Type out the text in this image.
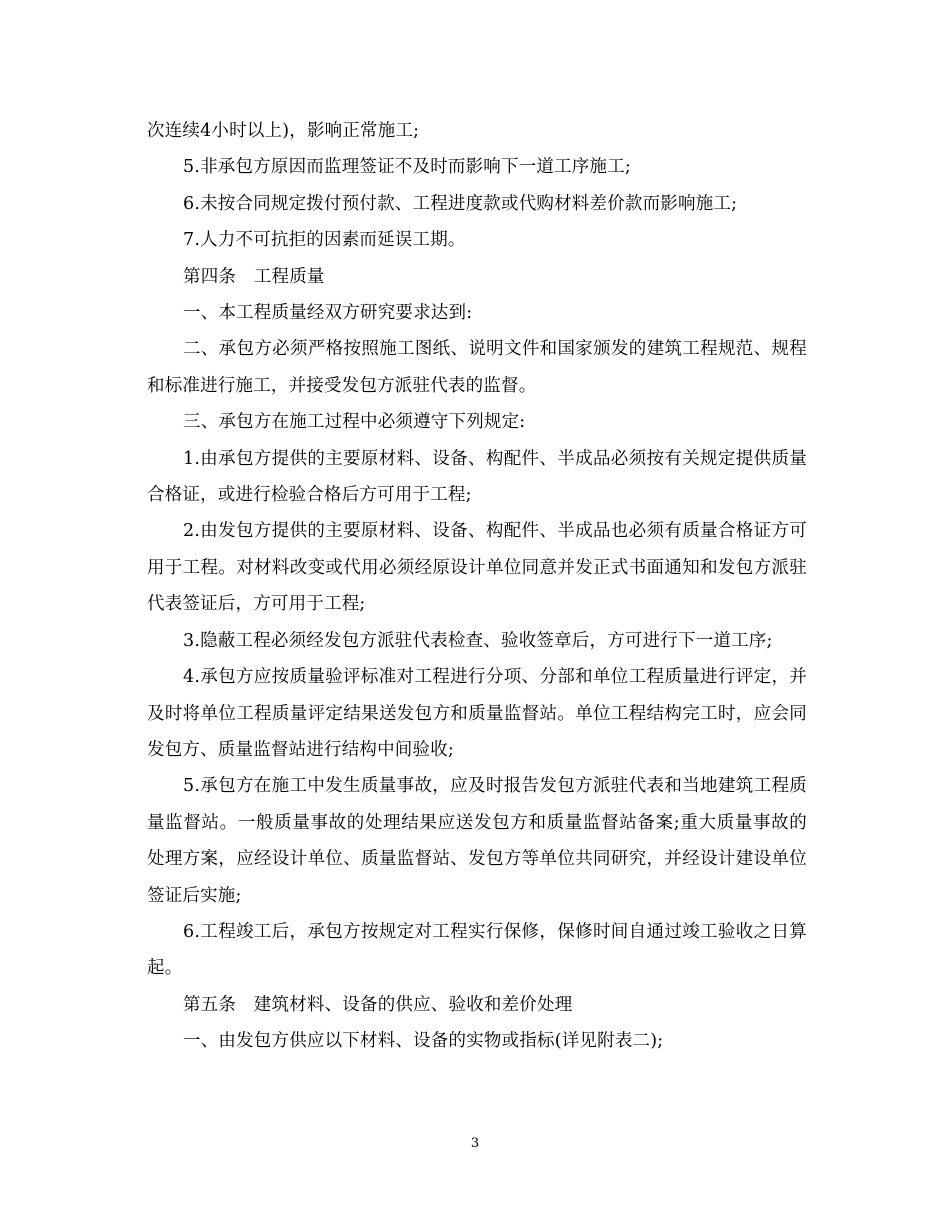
次连续4小时以上)，影响正常施工;

5.非承包方原因而监理签证不及时而影响下一道工序施工;

6.未按合同规定拨付预付款、工程进度款或代购材料差价款而影响施工;

7.人力不可抗拒的因素而延误工期。

第四条　工程质量

一、本工程质量经双方研究要求达到:

二、承包方必须严格按照施工图纸、说明文件和国家颁发的建筑工程规范、规程和标准进行施工，并接受发包方派驻代表的监督。

三、承包方在施工过程中必须遵守下列规定:

1.由承包方提供的主要原材料、设备、构配件、半成品必须按有关规定提供质量合格证，或进行检验合格后方可用于工程;

2.由发包方提供的主要原材料、设备、构配件、半成品也必须有质量合格证方可用于工程。对材料改变或代用必须经原设计单位同意并发正式书面通知和发包方派驻代表签证后，方可用于工程;

3.隐蔽工程必须经发包方派驻代表检查、验收签章后，方可进行下一道工序;

4.承包方应按质量验评标准对工程进行分项、分部和单位工程质量进行评定，并及时将单位工程质量评定结果送发包方和质量监督站。单位工程结构完工时，应会同发包方、质量监督站进行结构中间验收;

5.承包方在施工中发生质量事故，应及时报告发包方派驻代表和当地建筑工程质量监督站。一般质量事故的处理结果应送发包方和质量监督站备案;重大质量事故的处理方案，应经设计单位、质量监督站、发包方等单位共同研究，并经设计建设单位签证后实施;

6.工程竣工后，承包方按规定对工程实行保修，保修时间自通过竣工验收之日算起。

第五条　建筑材料、设备的供应、验收和差价处理

一、由发包方供应以下材料、设备的实物或指标(详见附表二);

3
